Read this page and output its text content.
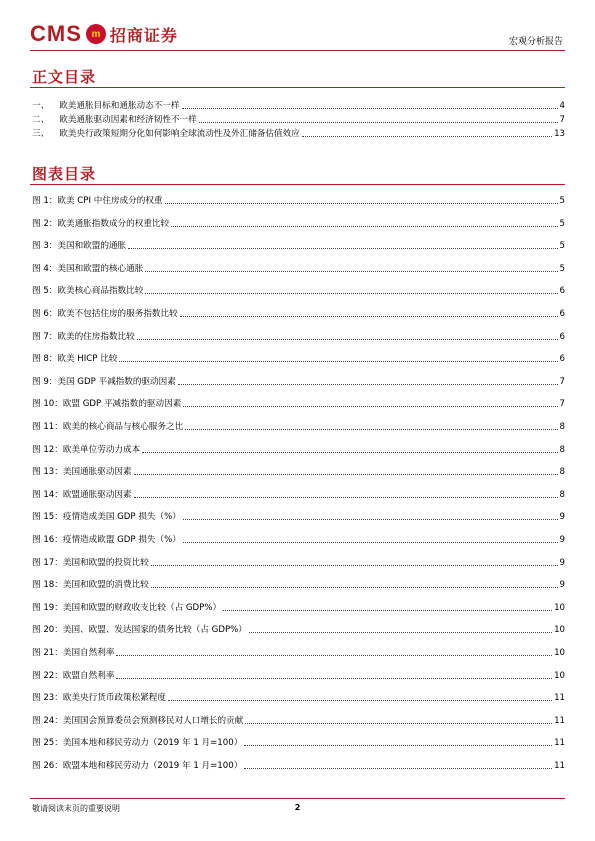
CMS m 招商证券	宏观分析报告
正文目录
一、 欧美通胀目标和通胀动态不一样	4
二、 欧美通胀驱动因素和经济韧性不一样	7
三、 欧美央行政策短期分化如何影响全球流动性及外汇储备估值效应	13
图表目录
图 1：欧美 CPI 中住房成分的权重	5
图 2：欧美通胀指数成分的权重比较	5
图 3：美国和欧盟的通胀	5
图 4：美国和欧盟的核心通胀	5
图 5：欧美核心商品指数比较	6
图 6：欧美不包括住房的服务指数比较	6
图 7：欧美的住房指数比较	6
图 8：欧美 HICP 比较	6
图 9：美国 GDP 平减指数的驱动因素	7
图 10：欧盟 GDP 平减指数的驱动因素	7
图 11：欧美的核心商品与核心服务之比	8
图 12：欧美单位劳动力成本	8
图 13：美国通胀驱动因素	8
图 14：欧盟通胀驱动因素	8
图 15：疫情造成美国 GDP 损失（%）	9
图 16：疫情造成欧盟 GDP 损失（%）	9
图 17：美国和欧盟的投资比较	9
图 18：美国和欧盟的消费比较	9
图 19：美国和欧盟的财政收支比较（占 GDP%）	10
图 20：美国、欧盟、发达国家的债务比较（占 GDP%）	10
图 21：美国自然利率	10
图 22：欧盟自然利率	10
图 23：欧美央行货币政策松紧程度	11
图 24：美国国会预算委员会预测移民对人口增长的贡献	11
图 25：美国本地和移民劳动力（2019 年 1 月=100）	11
图 26：欧盟本地和移民劳动力（2019 年 1 月=100）	11
敬请阅读末页的重要说明	2
